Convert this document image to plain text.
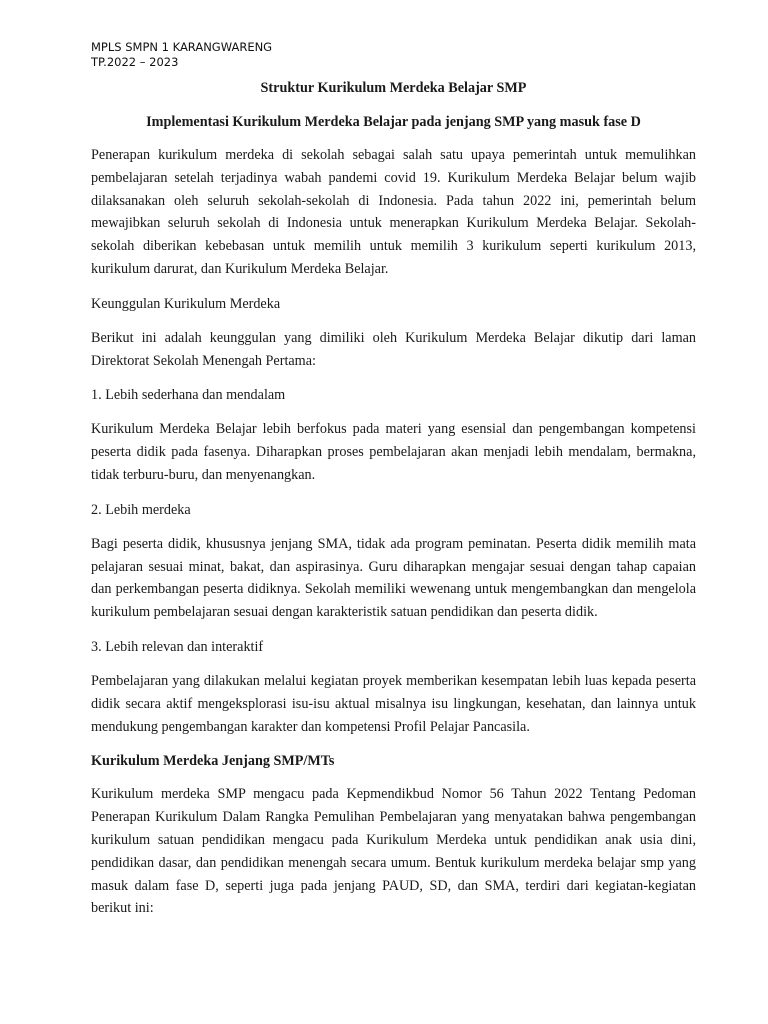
MPLS SMPN 1 KARANGWARENG
TP.2022 – 2023
Struktur Kurikulum Merdeka Belajar SMP
Implementasi Kurikulum Merdeka Belajar pada jenjang SMP yang masuk fase D

Penerapan kurikulum merdeka di sekolah sebagai salah satu upaya pemerintah untuk memulihkan pembelajaran setelah terjadinya wabah pandemi covid 19. Kurikulum Merdeka Belajar belum wajib dilaksanakan oleh seluruh sekolah-sekolah di Indonesia. Pada tahun 2022 ini, pemerintah belum mewajibkan seluruh sekolah di Indonesia untuk menerapkan Kurikulum Merdeka Belajar. Sekolah-sekolah diberikan kebebasan untuk memilih untuk memilih 3 kurikulum seperti kurikulum 2013, kurikulum darurat, dan Kurikulum Merdeka Belajar.

Keunggulan Kurikulum Merdeka

Berikut ini adalah keunggulan yang dimiliki oleh Kurikulum Merdeka Belajar dikutip dari laman Direktorat Sekolah Menengah Pertama:

1. Lebih sederhana dan mendalam

Kurikulum Merdeka Belajar lebih berfokus pada materi yang esensial dan pengembangan kompetensi peserta didik pada fasenya. Diharapkan proses pembelajaran akan menjadi lebih mendalam, bermakna, tidak terburu-buru, dan menyenangkan.

2. Lebih merdeka

Bagi peserta didik, khususnya jenjang SMA, tidak ada program peminatan. Peserta didik memilih mata pelajaran sesuai minat, bakat, dan aspirasinya. Guru diharapkan mengajar sesuai dengan tahap capaian dan perkembangan peserta didiknya. Sekolah memiliki wewenang untuk mengembangkan dan mengelola kurikulum pembelajaran sesuai dengan karakteristik satuan pendidikan dan peserta didik.

3. Lebih relevan dan interaktif

Pembelajaran yang dilakukan melalui kegiatan proyek memberikan kesempatan lebih luas kepada peserta didik secara aktif mengeksplorasi isu-isu aktual misalnya isu lingkungan, kesehatan, dan lainnya untuk mendukung pengembangan karakter dan kompetensi Profil Pelajar Pancasila.

Kurikulum Merdeka Jenjang SMP/MTs

Kurikulum merdeka SMP mengacu pada Kepmendikbud Nomor 56 Tahun 2022 Tentang Pedoman Penerapan Kurikulum Dalam Rangka Pemulihan Pembelajaran yang menyatakan bahwa pengembangan kurikulum satuan pendidikan mengacu pada Kurikulum Merdeka untuk pendidikan anak usia dini, pendidikan dasar, dan pendidikan menengah secara umum. Bentuk kurikulum merdeka belajar smp yang masuk dalam fase D, seperti juga pada jenjang PAUD, SD, dan SMA, terdiri dari kegiatan-kegiatan berikut ini:
